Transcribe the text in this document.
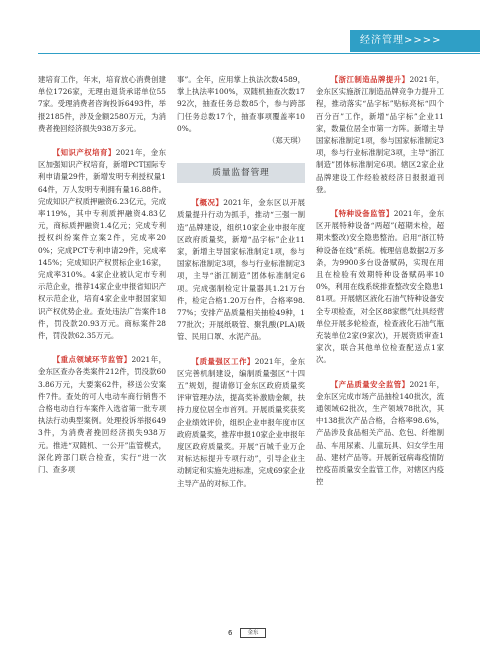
经济管理>>>>

建培育工作，年末，培育放心消费创建单位1726家，无理由退货承诺单位557家。受理消费者咨询投诉6493件，举报2185件，涉及金额2580万元，为消费者挽回经济损失938万多元。

【知识产权培育】2021年，金东区加强知识产权培育，新增PCT国际专利申请量29件，新增发明专利授权量164件，万人发明专利拥有量16.88件。完成知识产权质押融资6.23亿元，完成率119%，其中专利质押融资4.83亿元，商标质押融资1.4亿元；完成专利授权纠纷案件立案2件，完成率200%；完成PCT专利申请29件，完成率145%；完成知识产权贯标企业16家，完成率310%。4家企业被认定市专利示范企业，推荐14家企业申报省知识产权示范企业，培育4家企业申报国家知识产权优势企业。查处违法广告案件18件，罚没款20.93万元。商标案件28件，罚没款62.35万元。

【重点领域环节监管】2021年，金东区查办各类案件212件，罚没款603.86万元，大要案62件，移送公安案件7件。查处的可人电动车商行销售不合格电动自行车案件入选省第一批专项执法行动典型案例。处理投诉举报6493件，为消费者挽回经济损失938万元。推进“双随机、一公开”监管模式，深化跨部门联合检查，实行“进一次门、查多项

事”。全年，应用掌上执法次数4589，掌上执法率100%，双随机抽查次数1792次，抽查任务总数85个，参与跨部门任务总数17个，抽查事项覆盖率100%。

（郑天琪）
质量监督管理

【概况】2021年，金东区以开展质量提升行动为抓手，推动“三强一制造”品牌建设，组织10家企业申报年度区政府质量奖，新增“品字标”企业11家，新增主导国家标准制定1项，参与国家标准制定3项，参与行业标准制定3项，主导“浙江制造”团体标准制定6项。完成强制检定计量器具1.21万台件，检定合格1.20万台件，合格率98.77%；安排产品质量相关抽检49种，177批次；开展纸吸管、聚乳酸(PLA)吸管、民用口罩、水泥产品。

【质量强区工作】2021年，金东区完善机制建设，编制质量强区“十四五”规划，提请修订金东区政府质量奖评审管理办法，提高奖补激励金额，扶持力度位居全市首列。开展质量奖获奖企业绩效评价，组织企业申报年度市区政府质量奖，推荐申报10家企业申报年度区政府质量奖。开展“百城千业万企对标达标提升专项行动”，引导企业主动制定和实施先进标准，完成69家企业主导产品的对标工作。

【浙江制造品牌提升】2021年，金东区实施浙江制造品牌竞争力提升工程，推动落实“品字标”贴标亮标“四个百分百”工作，新增“品字标”企业11家，数量位居全市第一方阵。新增主导国家标准制定1项，参与国家标准制定3项，参与行业标准制定3项，主导“浙江制造”团体标准制定6项。辖区2家企业品牌建设工作经验被经济日报报道刊登。

【特种设备监管】2021年，金东区开展特种设备“两超”(超期未检，超期未整改)安全隐患整治。启用“浙江特种设备在线”系统。梳理信息数据2万多条，为9900多台设备赋码，实现在用且在检验有效期特种设备赋码率100%，利用在线系统排查整改安全隐患181项。开展辖区液化石油气特种设备安全专项检查，对全区88家燃气灶具经营单位开展多轮检查，检查液化石油气瓶充装单位2家(9家次)，开展资质审查1家次，联合其他单位检查配送点1家次。

【产品质量安全监管】2021年，金东区完成市场产品抽检140批次，流通领域62批次，生产领域78批次，其中138批次产品合格，合格率98.6%，产品涉及食品相关产品、危包、纤维制品、车用尿素、儿童玩具、妇女学生用品、建材产品等。开展新冠病毒疫情防控疫苗质量安全监管工作，对辖区内疫控

6	金东
